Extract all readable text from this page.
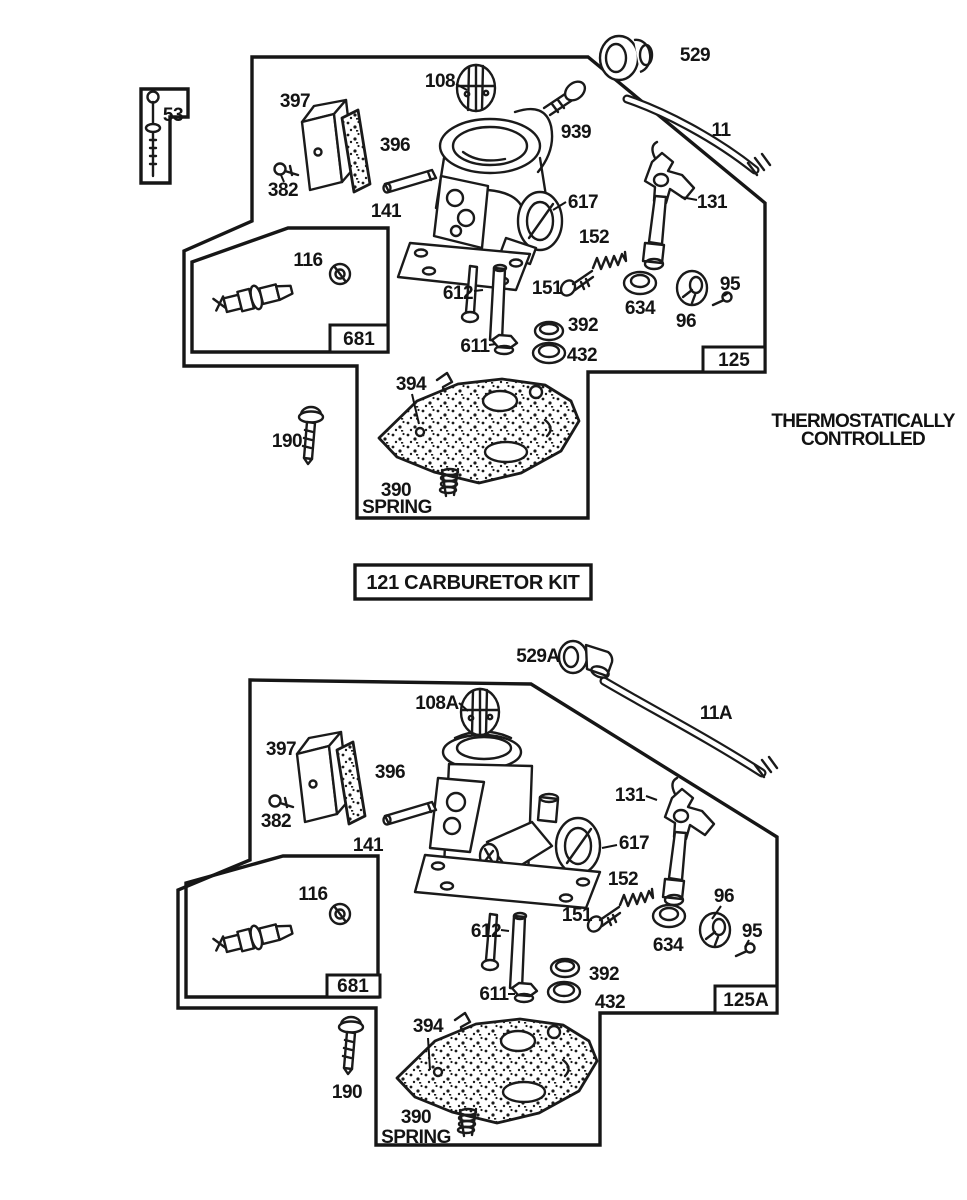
681
125
681
125A
121 CARBURETOR KIT
53
397
108
939
529
11
396
382
141	617	131
152
151
116
612
611
392
432
634
96
95
394
190
390
SPRING
529A
108A	11A
397
396
382
141
131
617
152
151
116
612
611
392
432
634
96
95
394
190
390
SPRING
THERMOSTATICALLY
CONTROLLED
